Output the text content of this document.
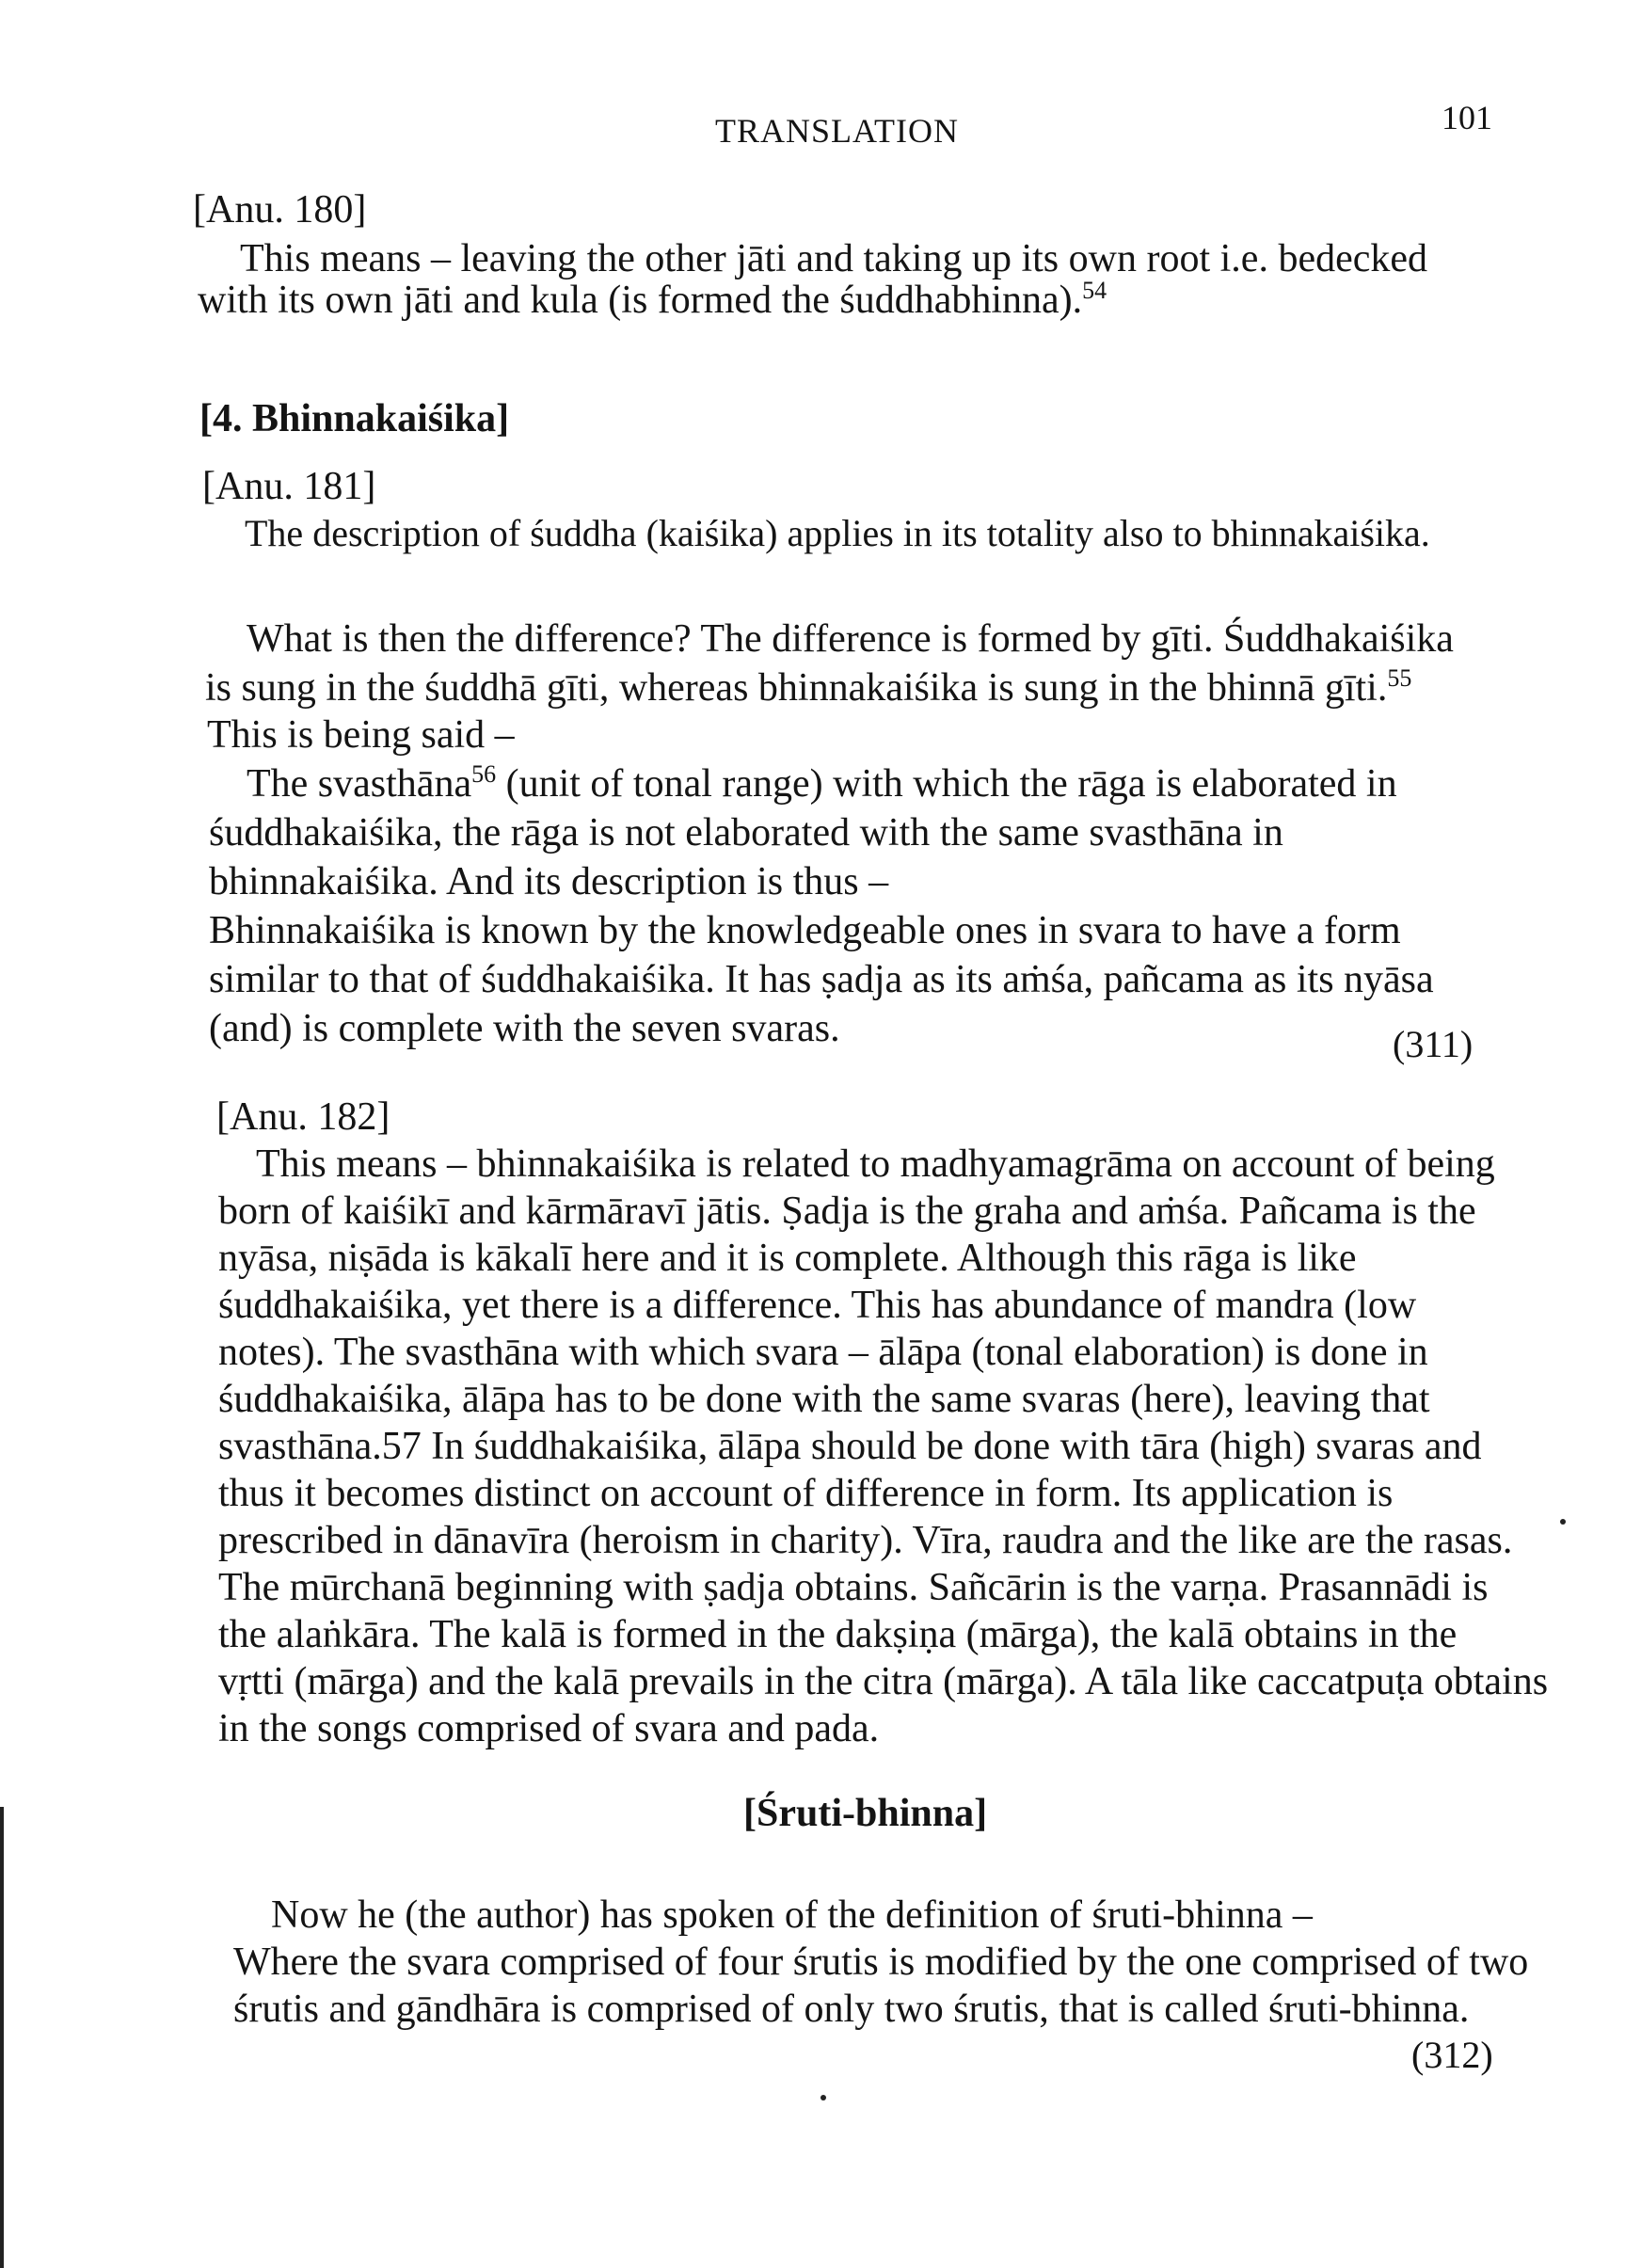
TRANSLATION	101
[Anu. 180]
This means – leaving the other jāti and taking up its own root i.e. bedecked
with its own jāti and kula (is formed the śuddhabhinna).$^{54}$
[4. Bhinnakaiśika]
[Anu. 181]
The description of śuddha (kaiśika) applies in its totality also to bhinnakaiśika.
What is then the difference? The difference is formed by gīti. Śuddhakaiśika
is sung in the śuddhā gīti, whereas bhinnakaiśika is sung in the bhinnā gīti.$^{55}$
This is being said –
The svasthāna$^{56}$ (unit of tonal range) with which the rāga is elaborated in
śuddhakaiśika, the rāga is not elaborated with the same svasthāna in
bhinnakaiśika. And its description is thus –
Bhinnakaiśika is known by the knowledgeable ones in svara to have a form
similar to that of śuddhakaiśika. It has ṣadja as its aṁśa, pañcama as its nyāsa
(and) is complete with the seven svaras.	(311)
[Anu. 182]
This means – bhinnakaiśika is related to madhyamagrāma on account of being
born of kaiśikī and kārmāravī jātis. Ṣadja is the graha and aṁśa. Pañcama is the
nyāsa, niṣāda is kākalī here and it is complete. Although this rāga is like
śuddhakaiśika, yet there is a difference. This has abundance of mandra (low
notes). The svasthāna with which svara – ālāpa (tonal elaboration) is done in
śuddhakaiśika, ālāpa has to be done with the same svaras (here), leaving that
svasthāna.57 In śuddhakaiśika, ālāpa should be done with tāra (high) svaras and
thus it becomes distinct on account of difference in form. Its application is
prescribed in dānavīra (heroism in charity). Vīra, raudra and the like are the rasas.
The mūrchanā beginning with ṣadja obtains. Sañcārin is the varṇa. Prasannādi is
the alaṅkāra. The kalā is formed in the dakṣiṇa (mārga), the kalā obtains in the
vṛtti (mārga) and the kalā prevails in the citra (mārga). A tāla like caccatpuṭa obtains
in the songs comprised of svara and pada.
[Śruti-bhinna]
Now he (the author) has spoken of the definition of śruti-bhinna –
Where the svara comprised of four śrutis is modified by the one comprised of two
śrutis and gāndhāra is comprised of only two śrutis, that is called śruti-bhinna.
(312)
